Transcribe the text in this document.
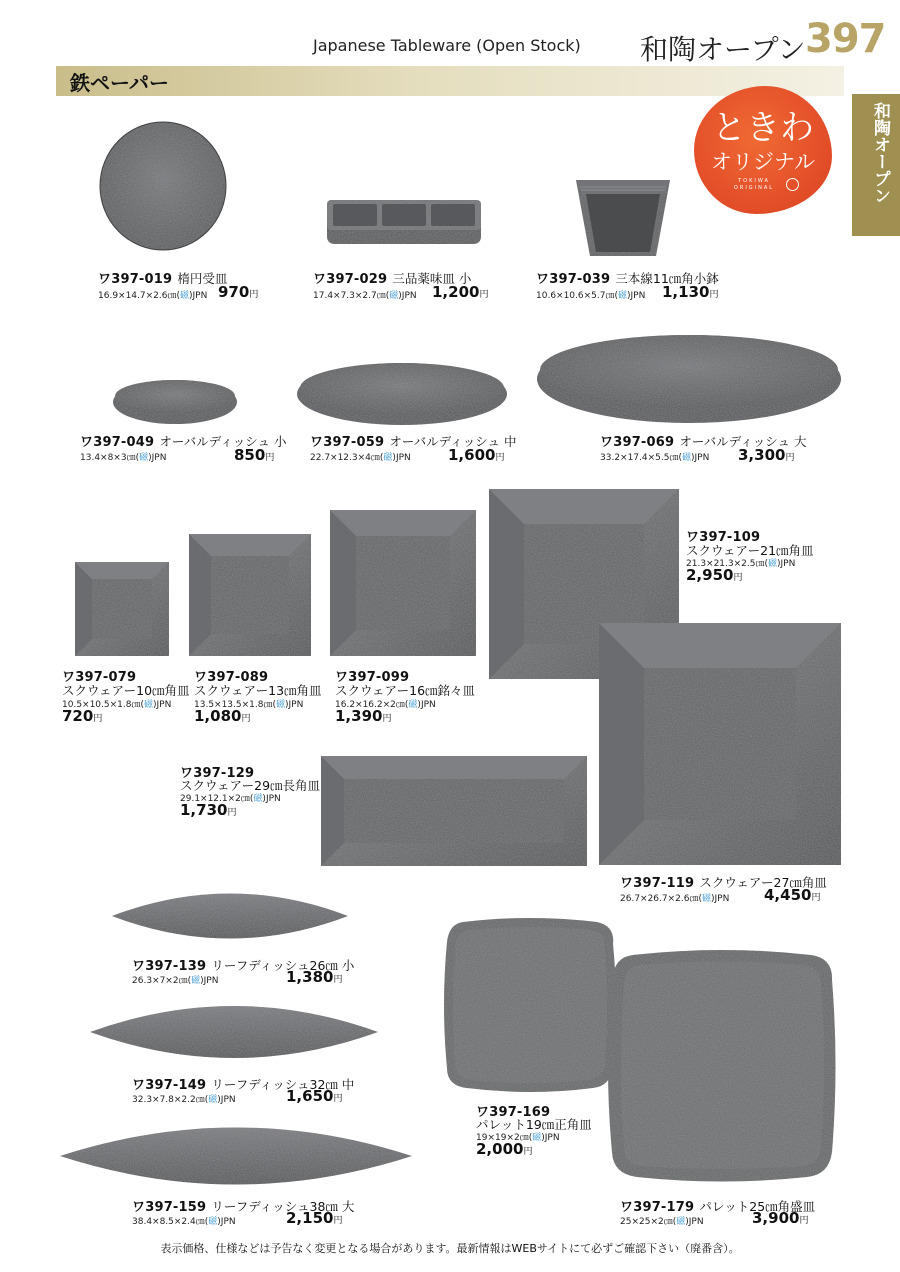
Japanese Tableware (Open Stock) 和陶オープン 397
鉄ペーパー
和陶オープン
ときわ
オリジナル
TOKIWA ORIGINAL
ワ397-019 楕円受皿
16.9×14.7×2.6㎝(磁)JPN 970円
ワ397-029 三品薬味皿 小
17.4×7.3×2.7㎝(磁)JPN 1,200円
ワ397-039 三本線11㎝角小鉢
10.6×10.6×5.7㎝(磁)JPN 1,130円
ワ397-049 オーバルディッシュ 小
13.4×8×3㎝(磁)JPN	850円
ワ397-059 オーバルディッシュ 中
22.7×12.3×4㎝(磁)JPN 1,600円
ワ397-069 オーバルディッシュ 大
33.2×17.4×5.5㎝(磁)JPN 3,300円
ワ397-079
スクウェアー10㎝角皿
10.5×10.5×1.8㎝(磁)JPN
720円
ワ397-089
スクウェアー13㎝角皿
13.5×13.5×1.8㎝(磁)JPN
1,080円
ワ397-099
スクウェアー16㎝銘々皿
16.2×16.2×2㎝(磁)JPN
1,390円
ワ397-109
スクウェアー21㎝角皿
21.3×21.3×2.5㎝(磁)JPN
2,950円
ワ397-119 スクウェアー27㎝角皿
26.7×26.7×2.6㎝(磁)JPN 4,450円
ワ397-129
スクウェアー29㎝長角皿
29.1×12.1×2㎝(磁)JPN
1,730円
ワ397-139 リーフディッシュ26㎝ 小
26.3×7×2㎝(磁)JPN	1,380円
ワ397-149 リーフディッシュ32㎝ 中
32.3×7.8×2.2㎝(磁)JPN	1,650円
ワ397-159 リーフディッシュ38㎝ 大
38.4×8.5×2.4㎝(磁)JPN	2,150円
ワ397-169
パレット19㎝正角皿
19×19×2㎝(磁)JPN
2,000円
ワ397-179 パレット25㎝角盛皿
25×25×2㎝(磁)JPN	3,900円
表示価格、仕様などは予告なく変更となる場合があります。最新情報はWEBサイトにて必ずご確認下さい（廃番含）。
